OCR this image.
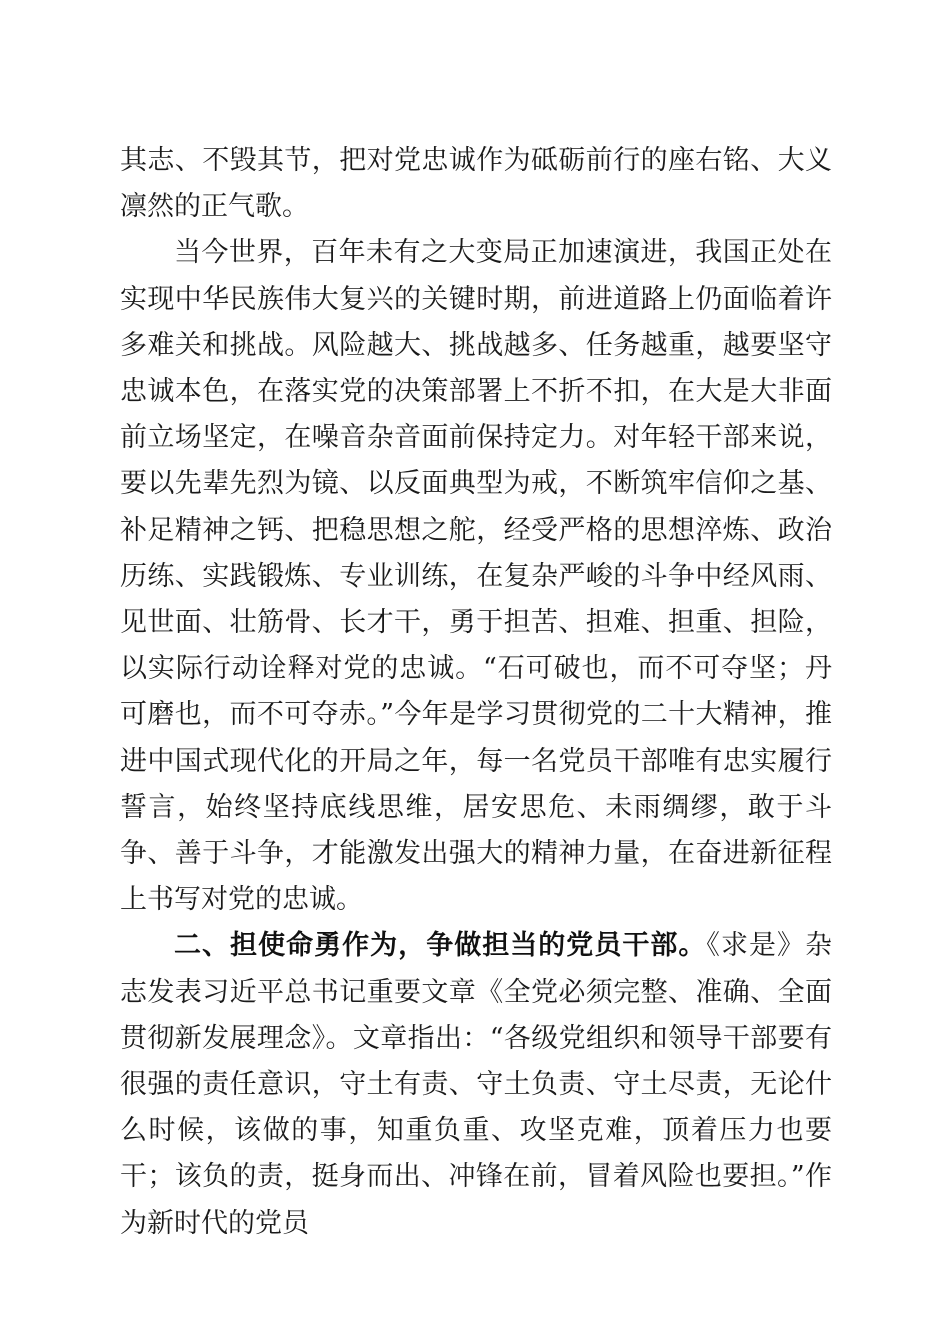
其志、不毁其节，把对党忠诚作为砥砺前行的座右铭、大义凛然的正气歌。

当今世界，百年未有之大变局正加速演进，我国正处在实现中华民族伟大复兴的关键时期，前进道路上仍面临着许多难关和挑战。风险越大、挑战越多、任务越重，越要坚守忠诚本色，在落实党的决策部署上不折不扣，在大是大非面前立场坚定，在噪音杂音面前保持定力。对年轻干部来说，要以先辈先烈为镜、以反面典型为戒，不断筑牢信仰之基、补足精神之钙、把稳思想之舵，经受严格的思想淬炼、政治历练、实践锻炼、专业训练，在复杂严峻的斗争中经风雨、见世面、壮筋骨、长才干，勇于担苦、担难、担重、担险，以实际行动诠释对党的忠诚。“石可破也，而不可夺坚；丹可磨也，而不可夺赤。”今年是学习贯彻党的二十大精神，推进中国式现代化的开局之年，每一名党员干部唯有忠实履行誓言，始终坚持底线思维，居安思危、未雨绸缪，敢于斗争、善于斗争，才能激发出强大的精神力量，在奋进新征程上书写对党的忠诚。

二、担使命勇作为，争做担当的党员干部。《求是》杂志发表习近平总书记重要文章《全党必须完整、准确、全面贯彻新发展理念》。文章指出：“各级党组织和领导干部要有很强的责任意识，守土有责、守土负责、守土尽责，无论什么时候，该做的事，知重负重、攻坚克难，顶着压力也要干；该负的责，挺身而出、冲锋在前，冒着风险也要担。”作为新时代的党员
